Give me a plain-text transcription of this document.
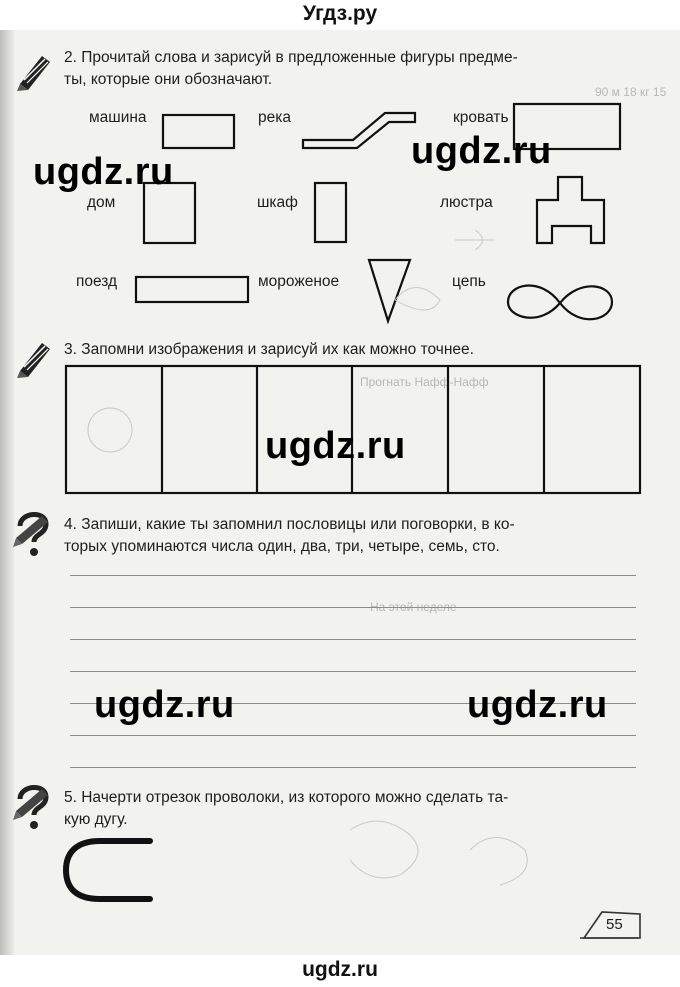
90 м 18 кг 15
Прогнать Нафф-Нафф
На этой неделе
Угдз.ру
2. Прочитай слова и зарисуй в предложенные фигуры предме-
ты, которые они обозначают.
машина	река	кровать
дом	шкаф	люстра
поезд	мороженое	цепь
3. Запомни изображения и зарисуй их как можно точнее.
4. Запиши, какие ты запомнил пословицы или поговорки, в ко-
торых упоминаются числа один, два, три, четыре, семь, сто.
5. Начерти отрезок проволоки, из которого можно сделать та-
кую дугу.
55
ugdz.ru	ugdz.ru
ugdz.ru
ugdz.ru	ugdz.ru
ugdz.ru
